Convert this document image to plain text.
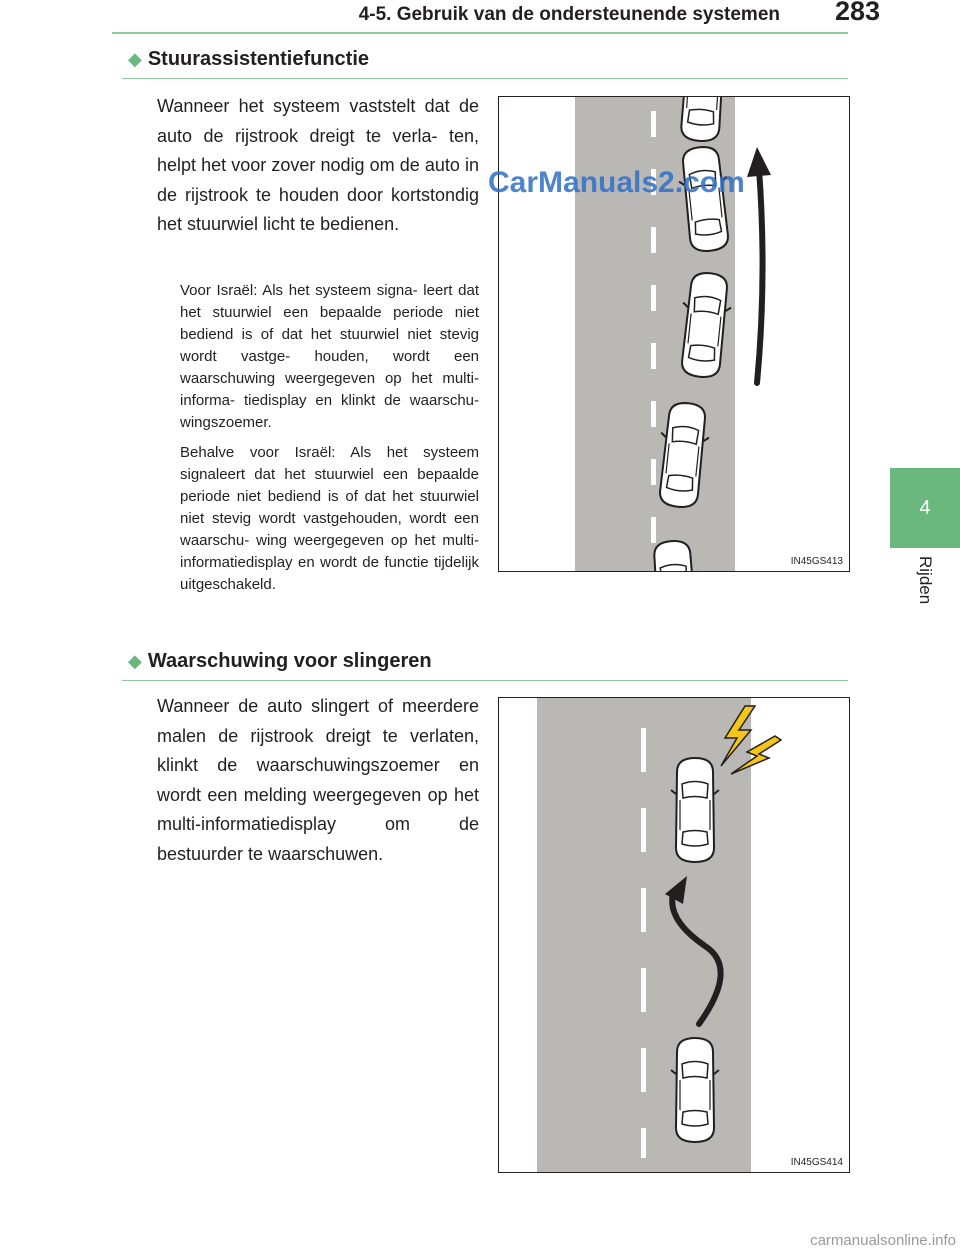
4-5. Gebruik van de ondersteunende systemen 283
4
Rijden
◆ Stuurassistentiefunctie
Wanneer het systeem vaststelt dat de auto de rijstrook dreigt te verla- ten, helpt het voor zover nodig om de auto in de rijstrook te houden door kortstondig het stuurwiel licht te bedienen.

Voor Israël: Als het systeem signa- leert dat het stuurwiel een bepaalde periode niet bediend is of dat het stuurwiel niet stevig wordt vastge- houden, wordt een waarschuwing weergegeven op het multi-informa- tiedisplay en klinkt de waarschu- wingszoemer.

Behalve voor Israël: Als het systeem signaleert dat het stuurwiel een bepaalde periode niet bediend is of dat het stuurwiel niet stevig wordt vastgehouden, wordt een waarschu- wing weergegeven op het multi- informatiedisplay en wordt de functie tijdelijk uitgeschakeld.

IN45GS413
CarManuals2.com
◆ Waarschuwing voor slingeren
Wanneer de auto slingert of meerdere malen de rijstrook dreigt te verlaten, klinkt de waarschuwingszoemer en wordt een melding weergegeven op het multi-informatiedisplay om de bestuurder te waarschuwen.
IN45GS414
carmanualsonline.info
